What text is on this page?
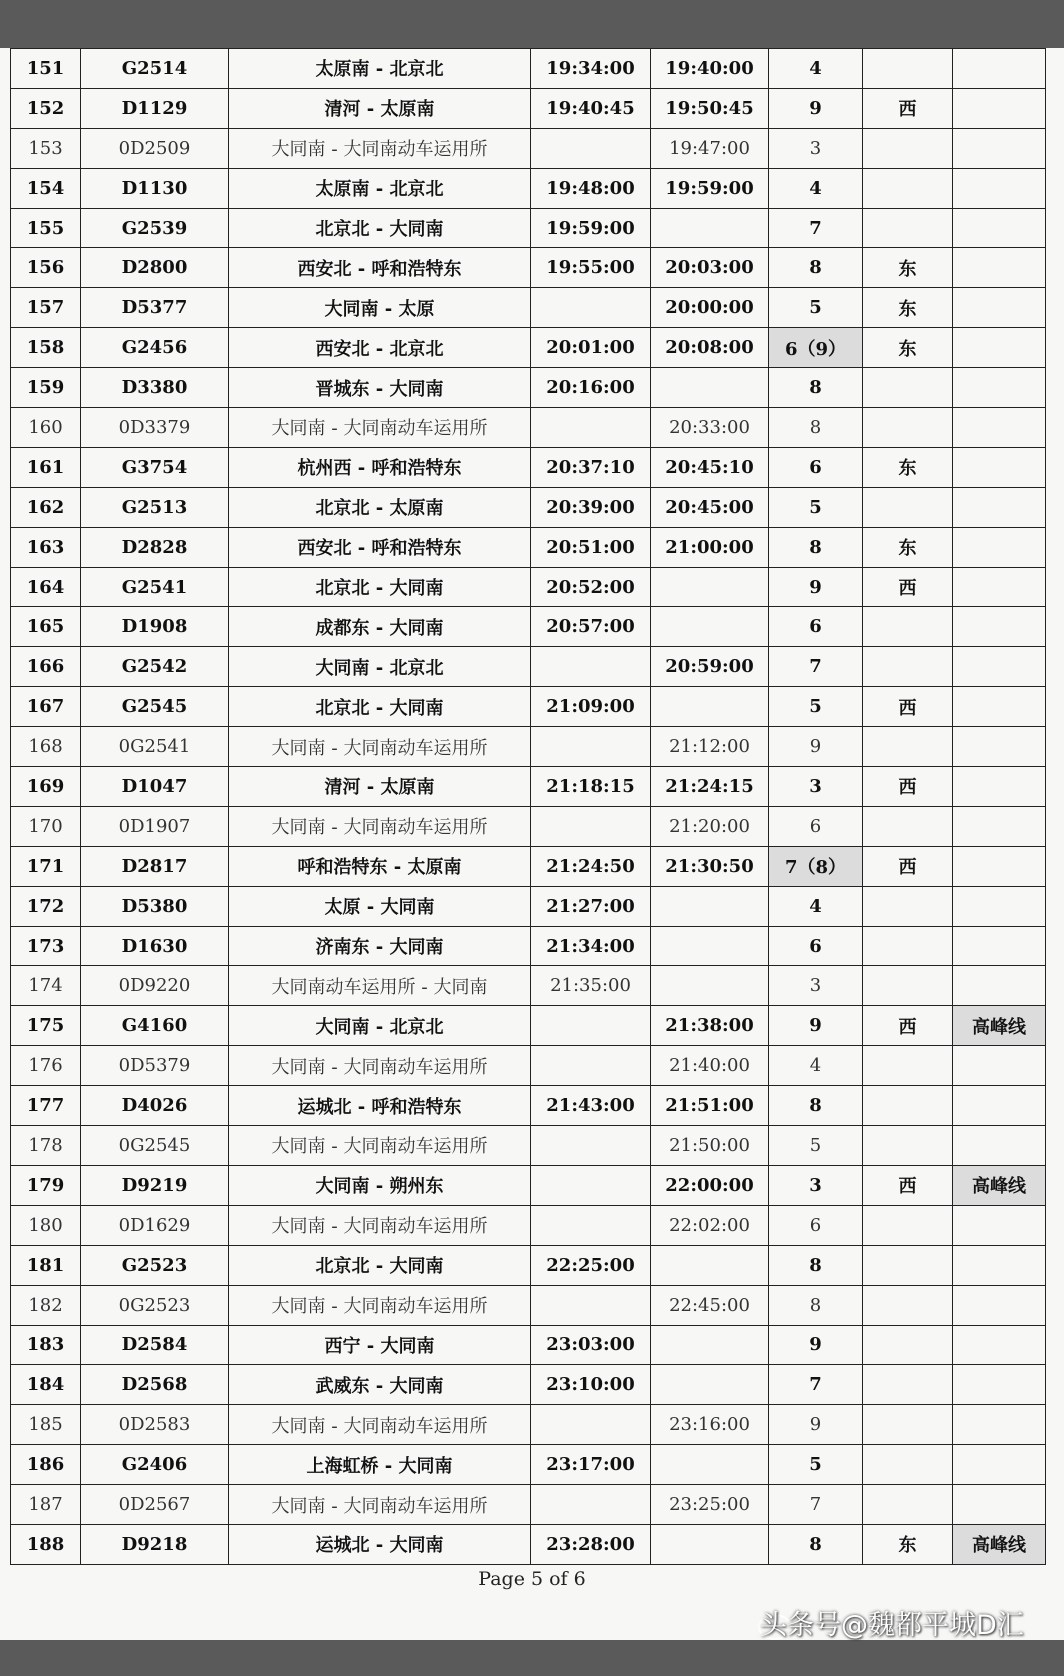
151	G2514	太原南 - 北京北	19:34:00	19:40:00	4		
152	D1129	清河 - 太原南	19:40:45	19:50:45	9	西	
153	0D2509	大同南 - 大同南动车运用所		19:47:00	3		
154	D1130	太原南 - 北京北	19:48:00	19:59:00	4		
155	G2539	北京北 - 大同南	19:59:00		7		
156	D2800	西安北 - 呼和浩特东	19:55:00	20:03:00	8	东	
157	D5377	大同南 - 太原		20:00:00	5	东	
158	G2456	西安北 - 北京北	20:01:00	20:08:00	6（9）	东	
159	D3380	晋城东 - 大同南	20:16:00		8		
160	0D3379	大同南 - 大同南动车运用所		20:33:00	8		
161	G3754	杭州西 - 呼和浩特东	20:37:10	20:45:10	6	东	
162	G2513	北京北 - 太原南	20:39:00	20:45:00	5		
163	D2828	西安北 - 呼和浩特东	20:51:00	21:00:00	8	东	
164	G2541	北京北 - 大同南	20:52:00		9	西	
165	D1908	成都东 - 大同南	20:57:00		6		
166	G2542	大同南 - 北京北		20:59:00	7		
167	G2545	北京北 - 大同南	21:09:00		5	西	
168	0G2541	大同南 - 大同南动车运用所		21:12:00	9		
169	D1047	清河 - 太原南	21:18:15	21:24:15	3	西	
170	0D1907	大同南 - 大同南动车运用所		21:20:00	6		
171	D2817	呼和浩特东 - 太原南	21:24:50	21:30:50	7（8）	西	
172	D5380	太原 - 大同南	21:27:00		4		
173	D1630	济南东 - 大同南	21:34:00		6		
174	0D9220	大同南动车运用所 - 大同南	21:35:00		3		
175	G4160	大同南 - 北京北		21:38:00	9	西	高峰线
176	0D5379	大同南 - 大同南动车运用所		21:40:00	4		
177	D4026	运城北 - 呼和浩特东	21:43:00	21:51:00	8		
178	0G2545	大同南 - 大同南动车运用所		21:50:00	5		
179	D9219	大同南 - 朔州东		22:00:00	3	西	高峰线
180	0D1629	大同南 - 大同南动车运用所		22:02:00	6		
181	G2523	北京北 - 大同南	22:25:00		8		
182	0G2523	大同南 - 大同南动车运用所		22:45:00	8		
183	D2584	西宁 - 大同南	23:03:00		9		
184	D2568	武威东 - 大同南	23:10:00		7		
185	0D2583	大同南 - 大同南动车运用所		23:16:00	9		
186	G2406	上海虹桥 - 大同南	23:17:00		5		
187	0D2567	大同南 - 大同南动车运用所		23:25:00	7		
188	D9218	运城北 - 大同南	23:28:00		8	东	高峰线
Page 5 of 6
头条号@魏都平城D汇
